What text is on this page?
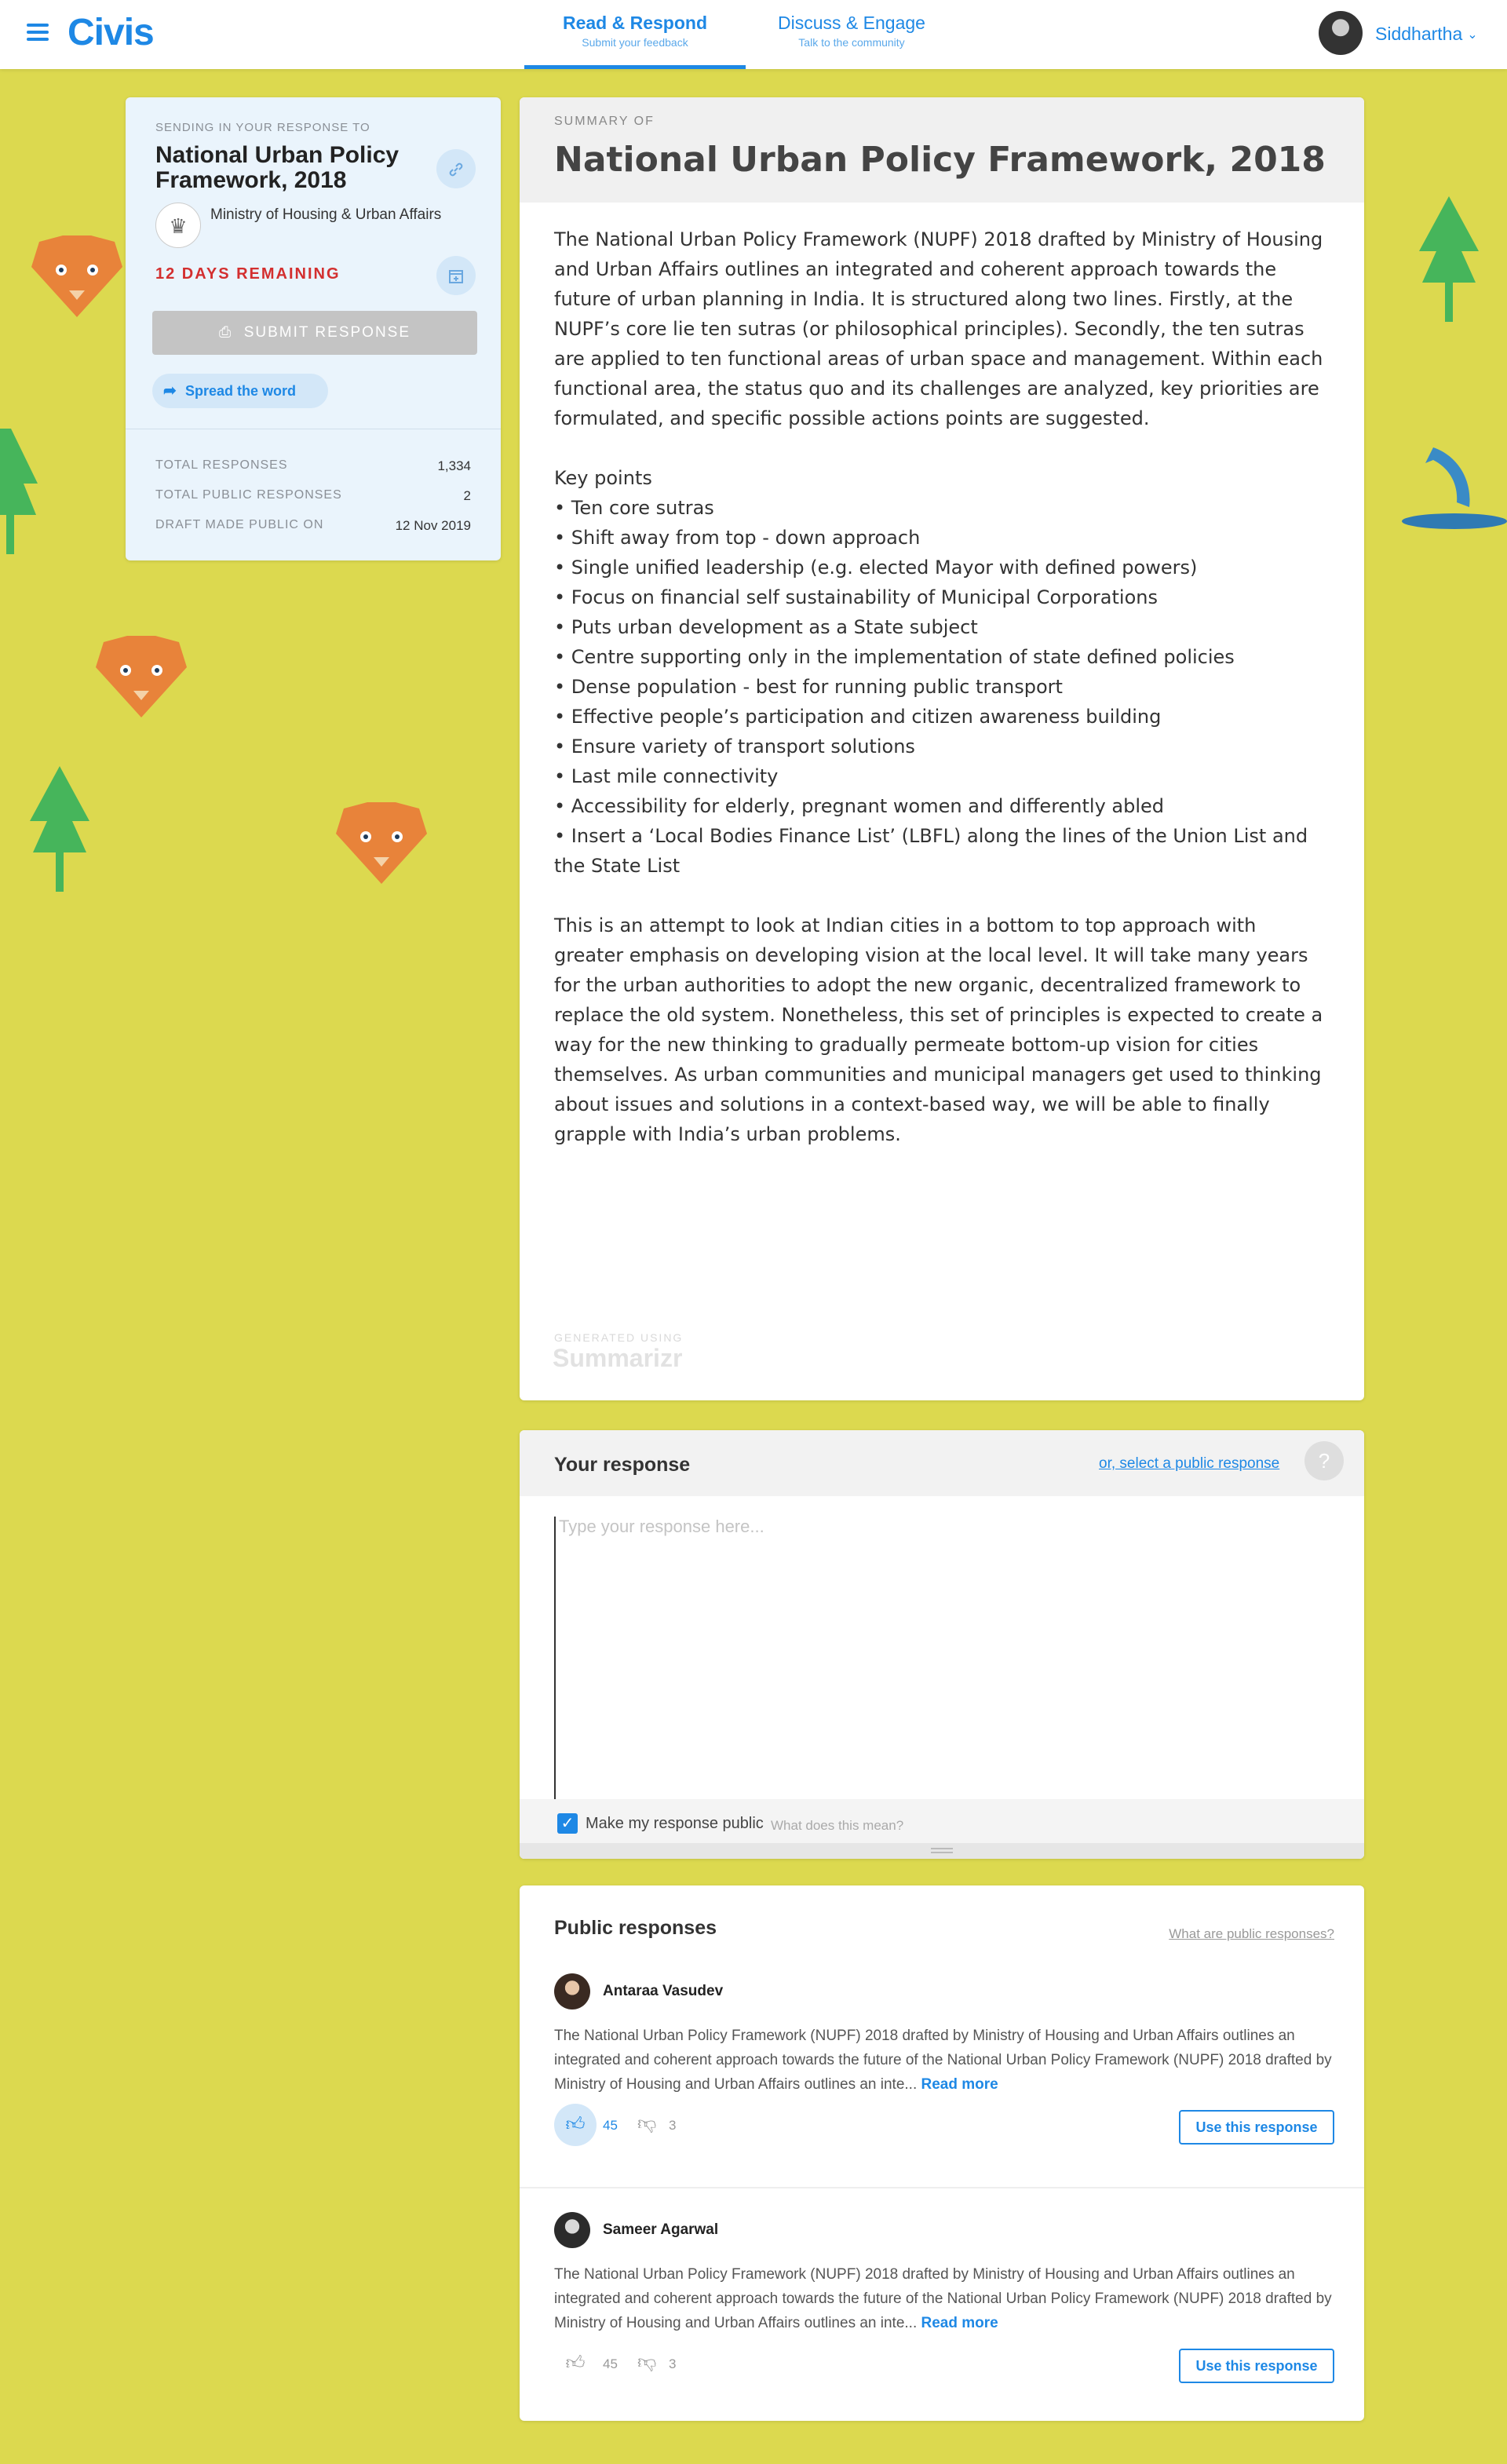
Civis	Read & Respond
Submit your feedback
Discuss & Engage
Talk to the community	Siddhartha ⌄
SENDING IN YOUR RESPONSE TO
National Urban Policy Framework, 2018
♛	Ministry of Housing & Urban Affairs
12 DAYS REMAINING
⎙  SUBMIT RESPONSE
➦ Spread the word
TOTAL RESPONSES	1,334
TOTAL PUBLIC RESPONSES	2
DRAFT MADE PUBLIC ON	12 Nov 2019
SUMMARY OF
National Urban Policy Framework, 2018

The National Urban Policy Framework (NUPF) 2018 drafted by Ministry of Housing and Urban Affairs outlines an integrated and coherent approach towards the future of urban planning in India. It is structured along two lines. Firstly, at the NUPF’s core lie ten sutras (or philosophical principles). Secondly, the ten sutras are applied to ten functional areas of urban space and management. Within each functional area, the status quo and its challenges are analyzed, key priorities are formulated, and specific possible actions points are suggested.

Key points
• Ten core sutras
• Shift away from top - down approach
• Single unified leadership (e.g. elected Mayor with defined powers)
• Focus on financial self sustainability of Municipal Corporations
• Puts urban development as a State subject
• Centre supporting only in the implementation of state defined policies
• Dense population - best for running public transport
• Effective people’s participation and citizen awareness building
• Ensure variety of transport solutions
• Last mile connectivity
• Accessibility for elderly, pregnant women and differently abled
• Insert a ‘Local Bodies Finance List’ (LBFL) along the lines of the Union List and the State List

This is an attempt to look at Indian cities in a bottom to top approach with greater emphasis on developing vision at the local level. It will take many years for the urban authorities to adopt the new organic, decentralized framework to replace the old system. Nonetheless, this set of principles is expected to create a way for the new thinking to gradually permeate bottom-up vision for cities themselves. As urban communities and municipal managers get used to thinking about issues and solutions in a context-based way, we will be able to finally grapple with India’s urban problems.

GENERATED USING
Summarizr
Your response	or, select a public response	?
Type your response here...
✓ Make my response public What does this mean?
Public responses	What are public responses?
Antaraa Vasudev
The National Urban Policy Framework (NUPF) 2018 drafted by Ministry of Housing and Urban Affairs outlines an integrated and coherent approach towards the future of the National Urban Policy Framework (NUPF) 2018 drafted by Ministry of Housing and Urban Affairs outlines an inte... Read more
👍︎	45 👎︎ 3	Use this response
Sameer Agarwal
The National Urban Policy Framework (NUPF) 2018 drafted by Ministry of Housing and Urban Affairs outlines an integrated and coherent approach towards the future of the National Urban Policy Framework (NUPF) 2018 drafted by Ministry of Housing and Urban Affairs outlines an inte... Read more
👍︎	45 👎︎ 3	Use this response
